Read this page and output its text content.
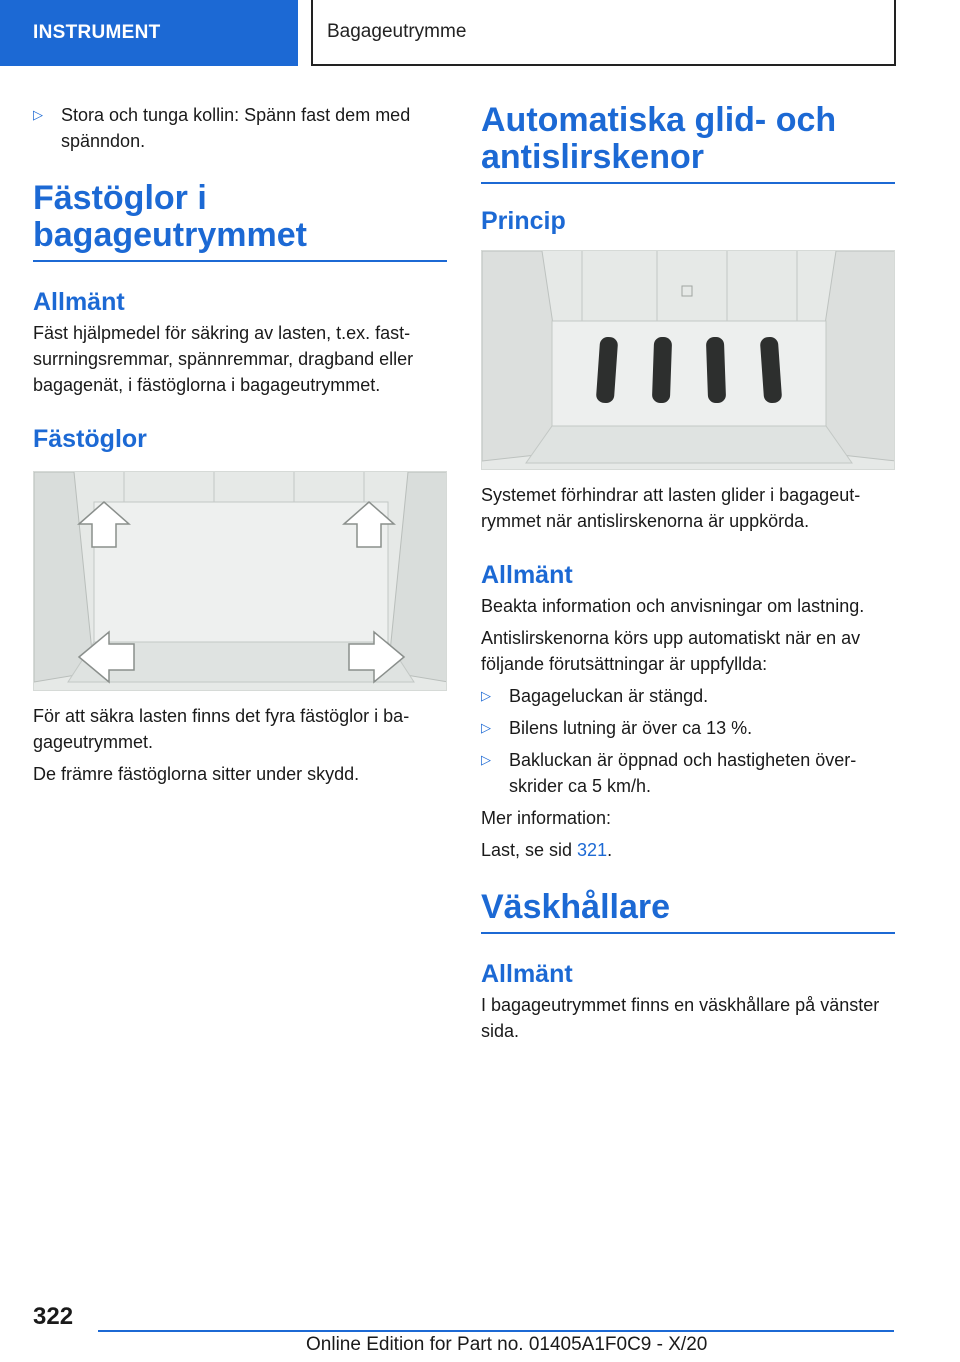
INSTRUMENT	Bagageutrymme
▷	Stora och tunga kollin: Spänn fast dem med spänndon.
Fästöglor i bagageutrymmet
Allmänt

Fäst hjälpmedel för säkring av lasten, t.ex. fastsurrningsremmar, spännremmar, dragband eller bagagenät, i fästöglorna i bagageutrymmet.

Fästöglor

För att säkra lasten finns det fyra fästöglor i bagageutrymmet.

De främre fästöglorna sitter under skydd.

Automatiska glid- och antislirskenor
Princip

Systemet förhindrar att lasten glider i bagageutrymmet när antislirskenorna är uppkörda.

Allmänt

Beakta information och anvisningar om lastning.

Antislirskenorna körs upp automatiskt när en av följande förutsättningar är uppfyllda:

▷	Bagageluckan är stängd.
▷	Bilens lutning är över ca 13 %.
▷	Bakluckan är öppnad och hastigheten överskrider ca 5 km/h.

Mer information:

Last, se sid 321.

Väskhållare
Allmänt

I bagageutrymmet finns en väskhållare på vänster sida.

322
Online Edition for Part no. 01405A1F0C9 - X/20
